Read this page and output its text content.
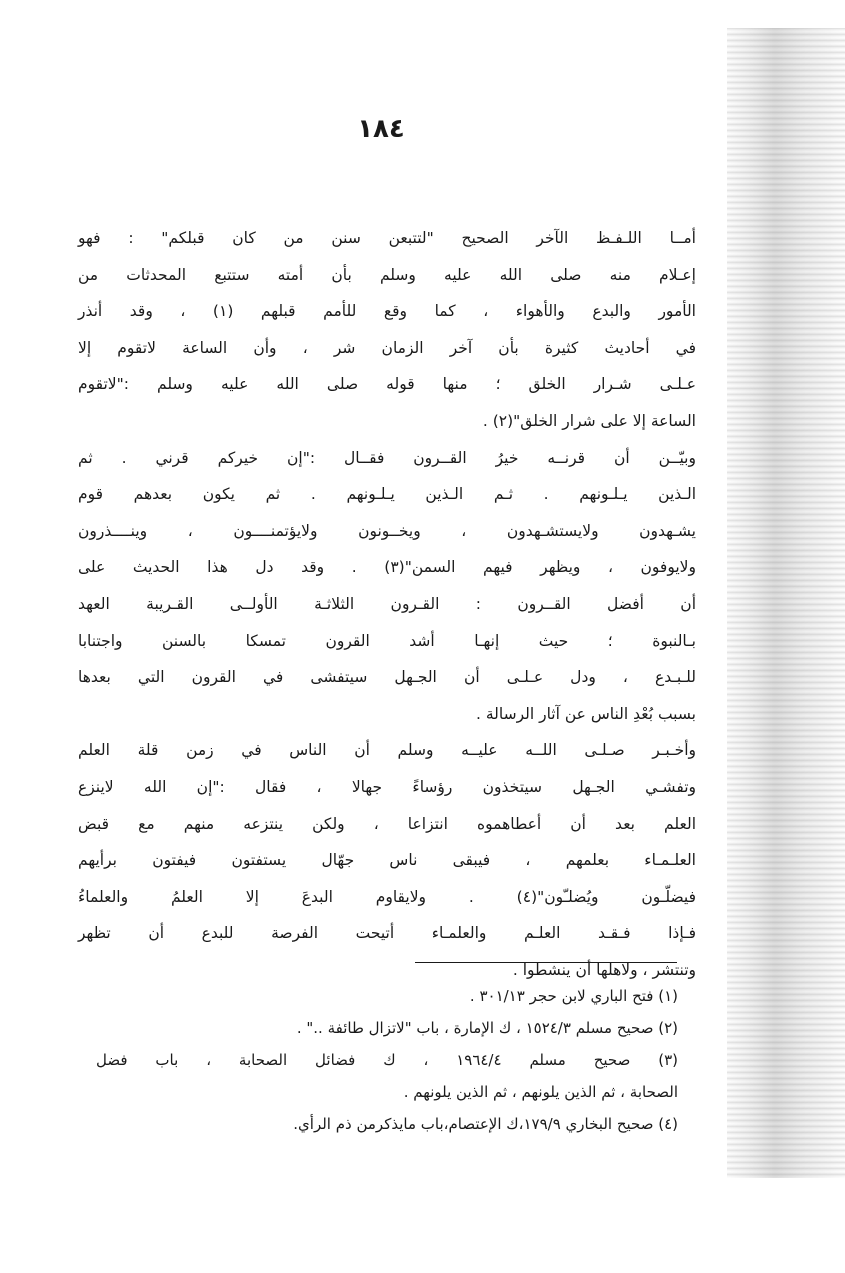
١٨٤
أمــا اللـفـظ الآخر الصحيح "لتتبعن سنن من كان قبلكم" : فهو
إعـلام منه صلى الله عليه وسلم بأن أمته ستتبع المحدثات من
الأمور والبدع والأهواء ، كما وقع للأمم قبلهم (١) ، وقد أنذر
في أحاديث كثيرة بأن آخر الزمان شر ، وأن الساعة لاتقوم إلا
عـلـى شـرار الخلق ؛ منها قوله صلى الله عليه وسلم :"لاتقوم
الساعة إلا على شرار الخلق"(٢) .
وبيّــن أن قرنــه خيرُ القــرون فقــال :"إن خيركم قرني . ثم
الـذين يـلـونهم . ثـم الـذين يـلـونهم . ثم يكون بعدهم قوم
يشـهدون ولايستشـهدون ، ويخــونون ولايؤتمنــــون ، وينــــذرون
ولايوفون ، ويظهر فيهم السمن"(٣) . وقد دل هذا الحديث على
أن أفضل القــرون : القـرون الثلاثـة الأولــى القـريبة العهد
بـالنبوة ؛ حيث إنهـا أشد القرون تمسكا بالسنن واجتنابا
للـبـدع ، ودل عـلـى أن الجـهل سيتفشى في القرون التي بعدها
بسبب بُعْدِ الناس عن آثار الرسالة .
وأخـبـر صـلـى اللــه عليــه وسلم أن الناس في زمن قلة العلم
وتفشـي الجـهل سيتخذون رؤساءً جهالا ، فقال :"إن الله لاينزع
العلم بعد أن أعطاهموه انتزاعا ، ولكن ينتزعه منهم مع قبض
العلـمـاء بعلمهم ، فيبقى ناس جهّال يستفتون فيفتون برأيهم
فيضلّـون ويُضلـّون"(٤) . ولايقاوم البدعَ إلا العلمُ والعلماءُ
فـإذا فـقـد العلـم والعلمـاء أتيحت الفرصة للبدع أن تظهر
وتنتشر ، ولاهلها أن ينشطوا .
(١) فتح الباري لابن حجر ٣٠١/١٣ .
(٢) صحيح مسلم ١٥٢٤/٣ ، ك الإمارة ، باب "لاتزال طائفة .." .
(٣) صحيح مسلم ١٩٦٤/٤ ، ك فضائل الصحابة ، باب فضل
الصحابة ، ثم الذين يلونهم ، ثم الذين يلونهم .
(٤) صحيح البخاري ١٧٩/٩،ك الإعتصام،باب مايذكرمن ذم الرأي.
